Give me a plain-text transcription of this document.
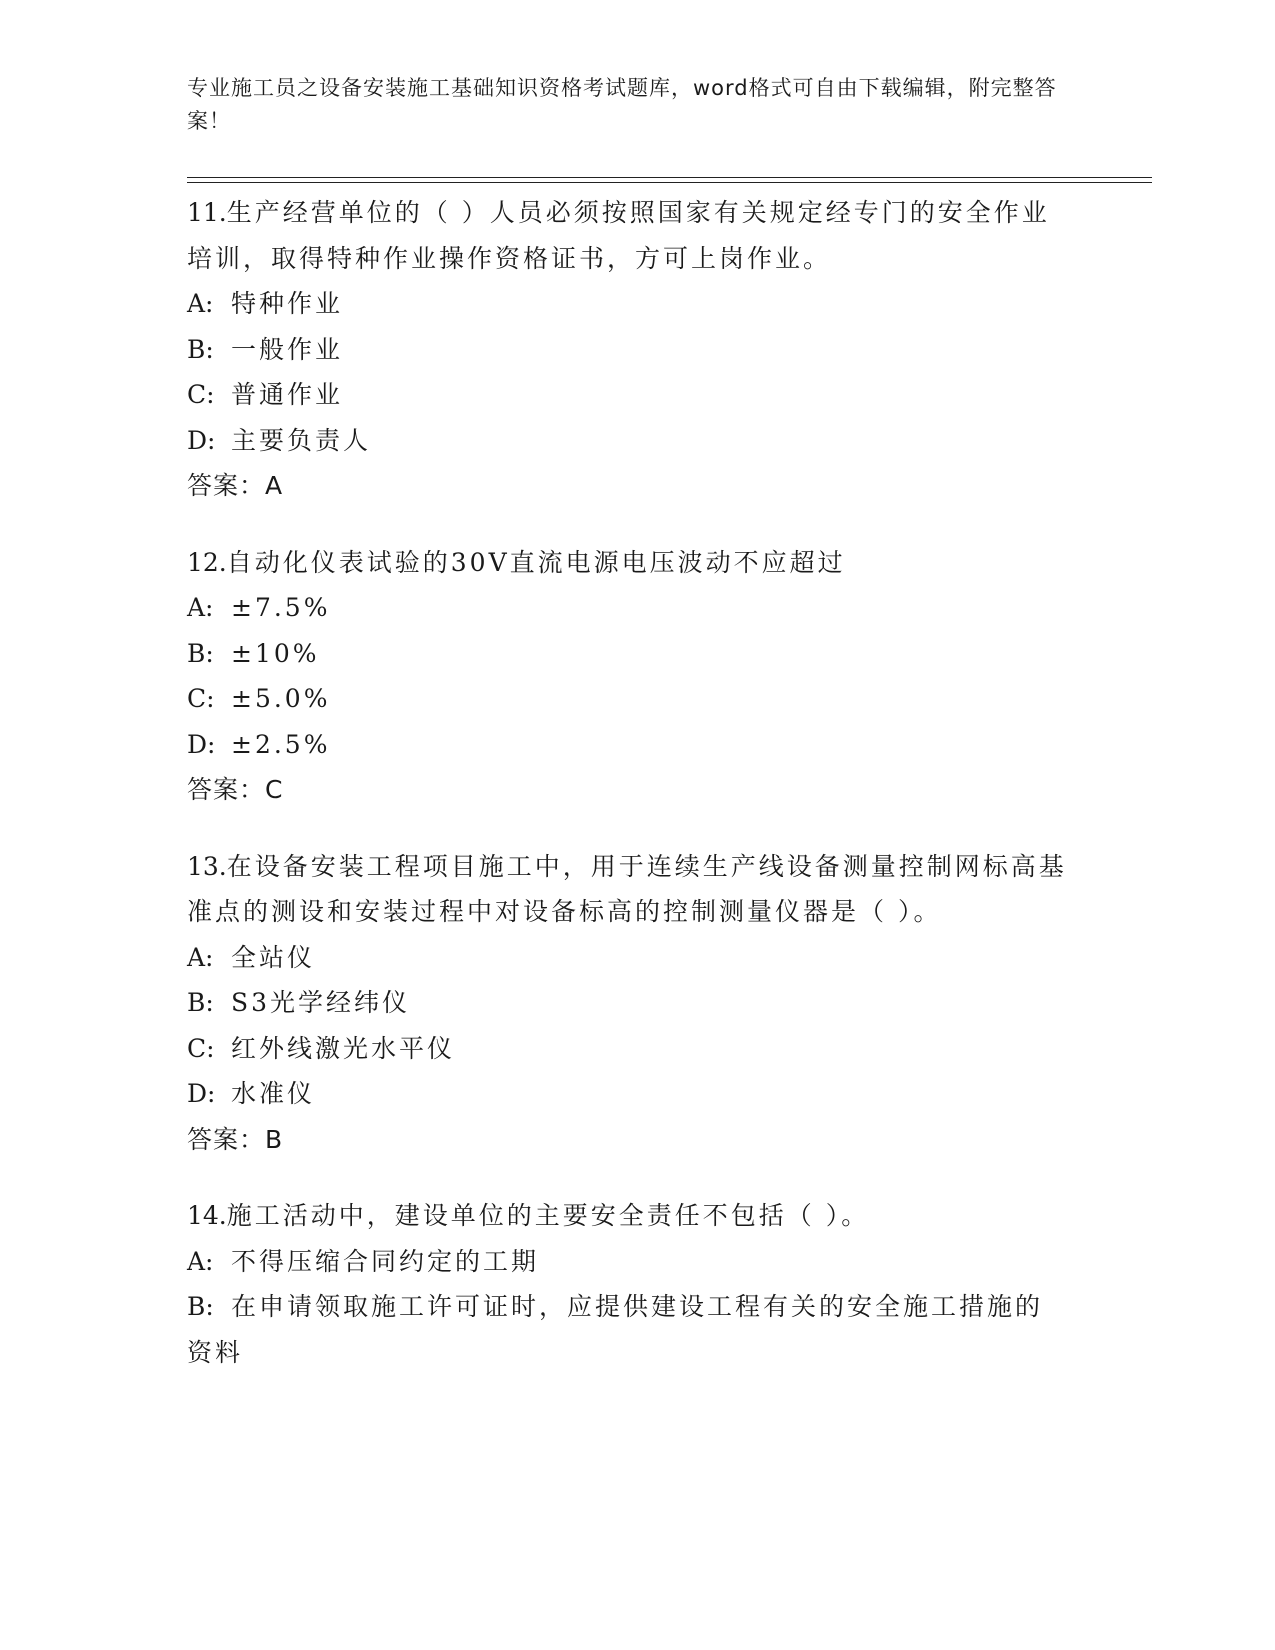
专业施工员之设备安装施工基础知识资格考试题库，word格式可自由下载编辑，附完整答案！
11.生产经营单位的（ ）人员必须按照国家有关规定经专门的安全作业培训，取得特种作业操作资格证书，方可上岗作业。
A: 特种作业
B: 一般作业
C: 普通作业
D: 主要负责人
答案：A
12.自动化仪表试验的30V直流电源电压波动不应超过
A: ±7.5%
B: ±10%
C: ±5.0%
D: ±2.5%
答案：C
13.在设备安装工程项目施工中，用于连续生产线设备测量控制网标高基准点的测设和安装过程中对设备标高的控制测量仪器是（ ）。
A: 全站仪
B: S3光学经纬仪
C: 红外线激光水平仪
D: 水准仪
答案：B
14.施工活动中，建设单位的主要安全责任不包括（ ）。
A: 不得压缩合同约定的工期
B: 在申请领取施工许可证时，应提供建设工程有关的安全施工措施的资料
